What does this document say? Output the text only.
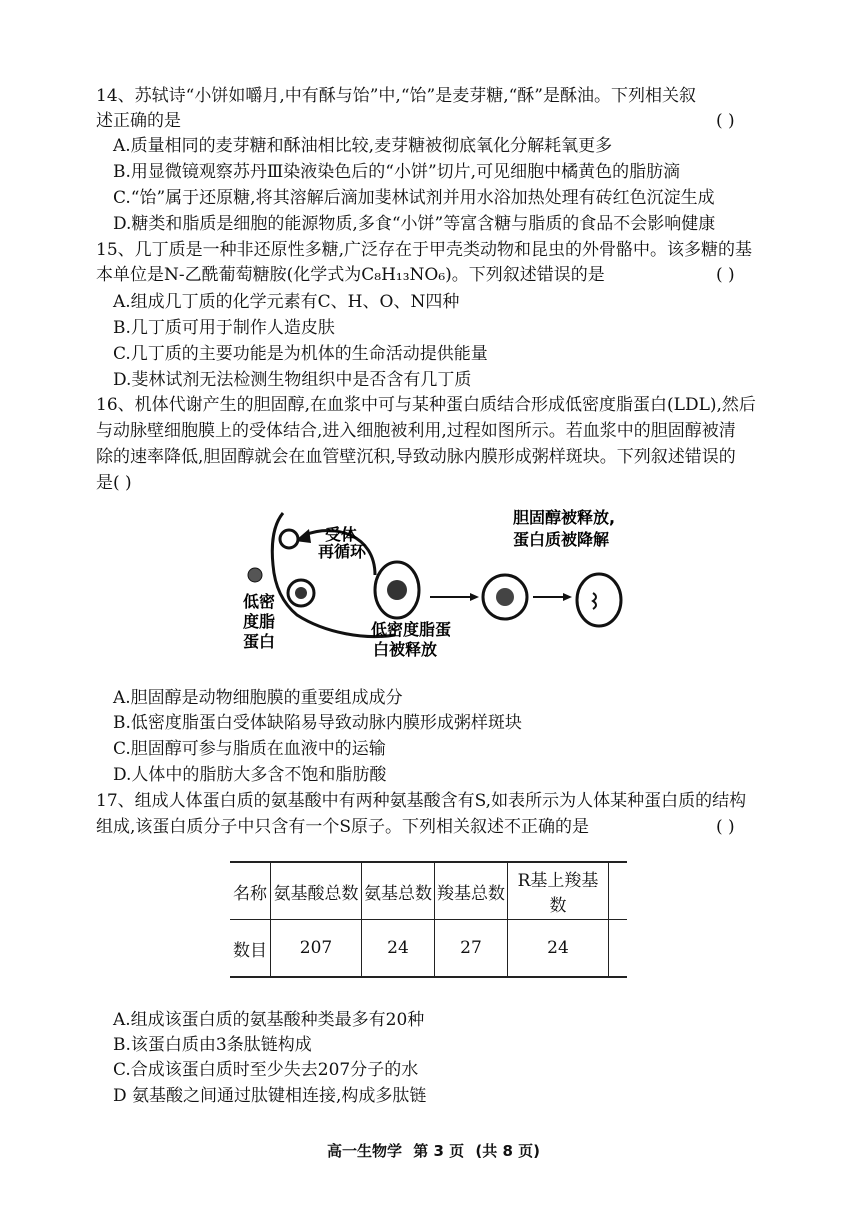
14、苏轼诗“小饼如嚼月,中有酥与饴”中,“饴”是麦芽糖,“酥”是酥油。下列相关叙
述正确的是	( )
A.质量相同的麦芽糖和酥油相比较,麦芽糖被彻底氧化分解耗氧更多
B.用显微镜观察苏丹Ⅲ染液染色后的“小饼”切片,可见细胞中橘黄色的脂肪滴
C.“饴”属于还原糖,将其溶解后滴加斐林试剂并用水浴加热处理有砖红色沉淀生成
D.糖类和脂质是细胞的能源物质,多食“小饼”等富含糖与脂质的食品不会影响健康
15、几丁质是一种非还原性多糖,广泛存在于甲壳类动物和昆虫的外骨骼中。该多糖的基
本单位是N-乙酰葡萄糖胺(化学式为C₈H₁₃NO₆)。下列叙述错误的是	( )
A.组成几丁质的化学元素有C、H、O、N四种
B.几丁质可用于制作人造皮肤
C.几丁质的主要功能是为机体的生命活动提供能量
D.斐林试剂无法检测生物组织中是否含有几丁质
16、机体代谢产生的胆固醇,在血浆中可与某种蛋白质结合形成低密度脂蛋白(LDL),然后
与动脉壁细胞膜上的受体结合,进入细胞被利用,过程如图所示。若血浆中的胆固醇被清
除的速率降低,胆固醇就会在血管壁沉积,导致动脉内膜形成粥样斑块。下列叙述错误的
是( )
受体
再循环
低密
度脂
蛋白
低密度脂蛋
白被释放
胆固醇被释放,
蛋白质被降解
A.胆固醇是动物细胞膜的重要组成成分
B.低密度脂蛋白受体缺陷易导致动脉内膜形成粥样斑块
C.胆固醇可参与脂质在血液中的运输
D.人体中的脂肪大多含不饱和脂肪酸
17、组成人体蛋白质的氨基酸中有两种氨基酸含有S,如表所示为人体某种蛋白质的结构
组成,该蛋白质分子中只含有一个S原子。下列相关叙述不正确的是	( )
名称	氨基酸总数	氨基总数	羧基总数	R基上羧基数	
数目	207	24	27	24	
A.组成该蛋白质的氨基酸种类最多有20种
B.该蛋白质由3条肽链构成
C.合成该蛋白质时至少失去207分子的水
D 氨基酸之间通过肽键相连接,构成多肽链
高一生物学 第 3 页 (共 8 页)
